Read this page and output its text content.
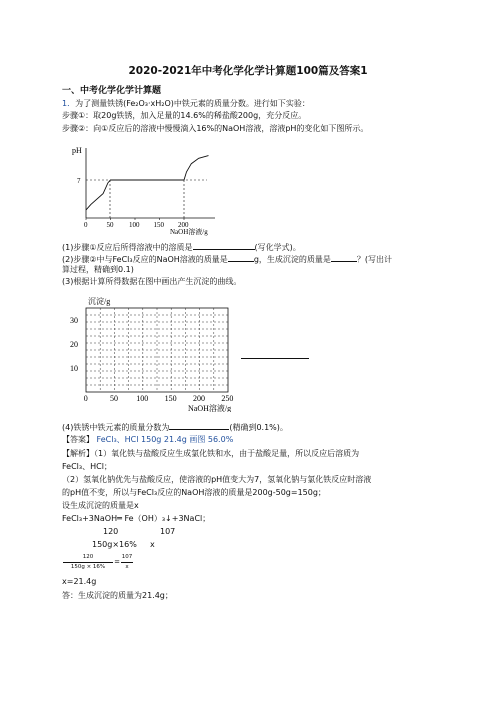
2020-2021年中考化学化学计算题100篇及答案1
一、中考化学化学计算题
1．为了测量铁锈(Fe₂O₃·xH₂O)中铁元素的质量分数。进行如下实验：
步骤①：取20g铁锈，加入足量的14.6%的稀盐酸200g，充分反应。
步骤②：向①反应后的溶液中慢慢滴入16%的NaOH溶液，溶液pH的变化如下图所示。
pH
7
0	50 100 150 200
NaOH溶液/g
(1)步骤①反应后所得溶液中的溶质是	(写化学式)。
(2)步骤②中与FeCl₃反应的NaOH溶液的质量是	g，生成沉淀的质量是	？(写出计
算过程，精确到0.1)
(3)根据计算所得数据在图中画出产生沉淀的曲线。
沉淀/g
30
20
10
0	50 100 150 200 250
NaOH溶液/g
(4)铁锈中铁元素的质量分数为	(精确到0.1%)。
【答案】 FeCl₃、HCl 150g 21.4g 画图 56.0%
【解析】（1）氧化铁与盐酸反应生成氯化铁和水，由于盐酸足量，所以反应后溶质为
FeCl₃、HCl；
（2）氢氧化钠优先与盐酸反应，使溶液的pH值变大为7，氢氧化钠与氯化铁反应时溶液
的pH值不变，所以与FeCl₃反应的NaOH溶液的质量是200g-50g=150g；
设生成沉淀的质量是x
FeCl₃+3NaOH═ Fe（OH）₃↓+3NaCl；
120	107
150g×16% x
120
150g × 16%
=
107
x
x=21.4g
答：生成沉淀的质量为21.4g；
